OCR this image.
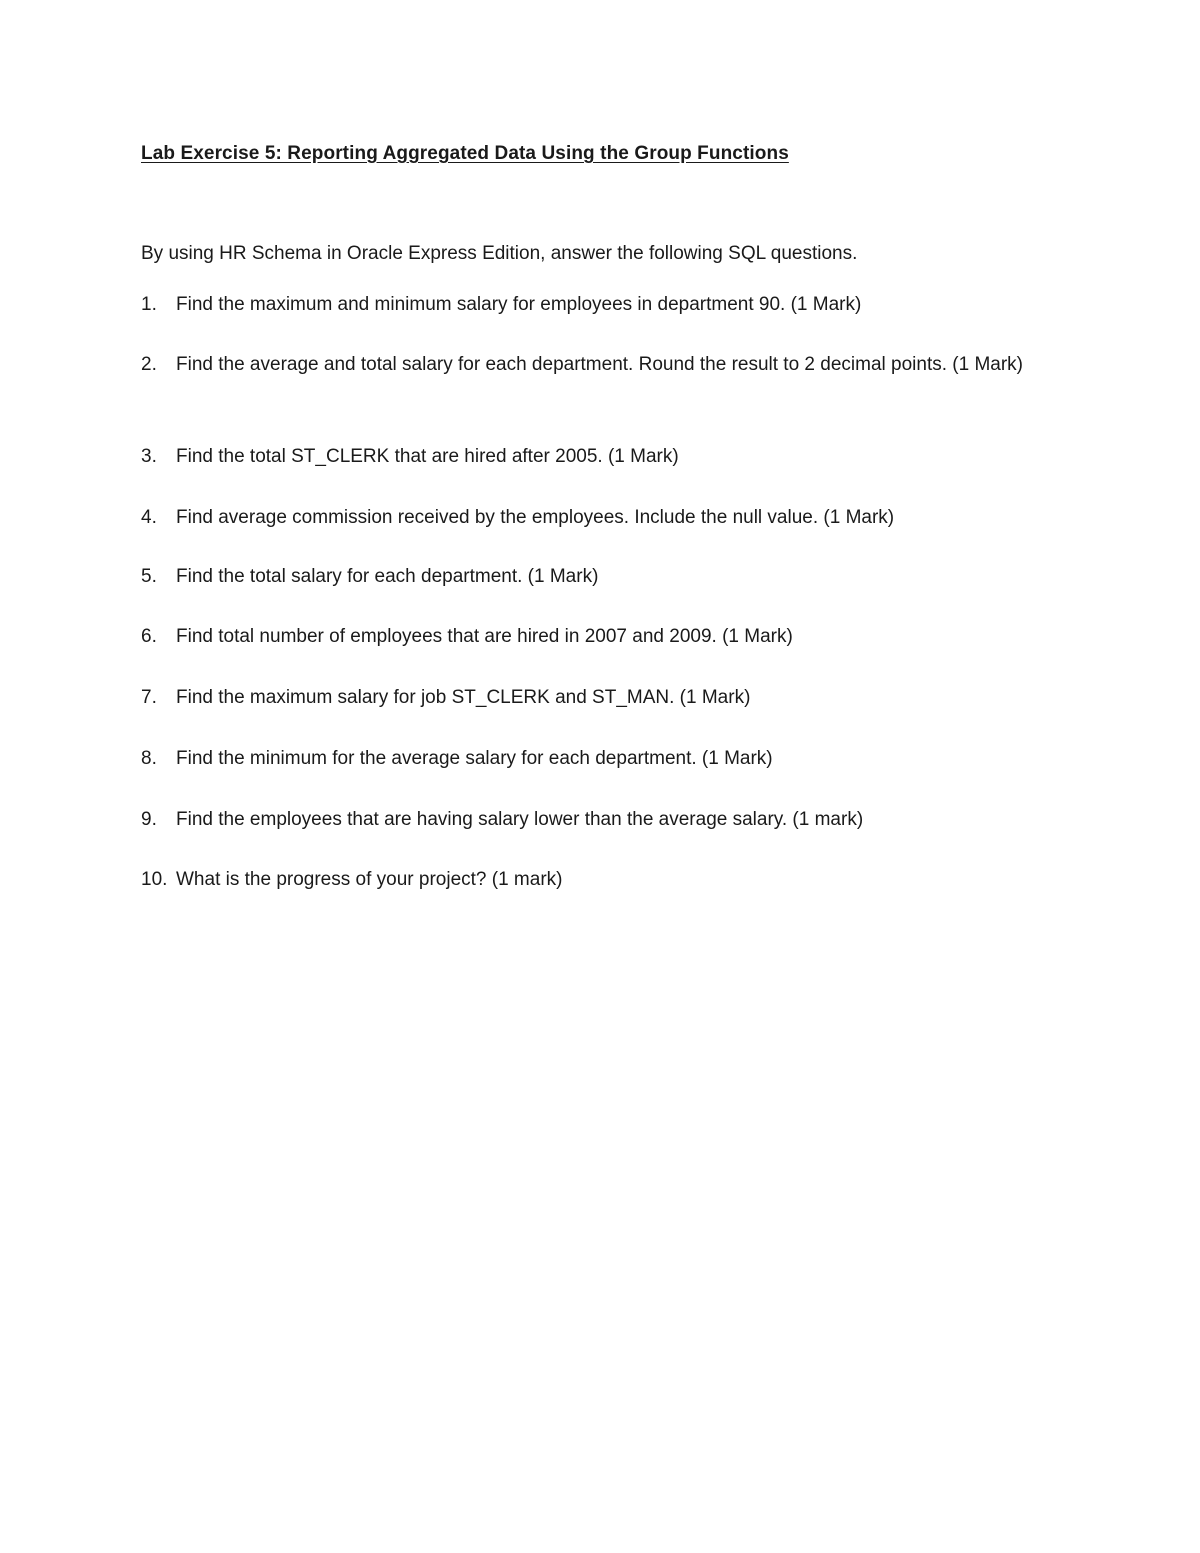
Lab Exercise 5: Reporting Aggregated Data Using the Group Functions
By using HR Schema in Oracle Express Edition, answer the following SQL questions.
1.	Find the maximum and minimum salary for employees in department 90. (1 Mark)
2.	Find the average and total salary for each department. Round the result to 2 decimal points. (1 Mark)
3.	Find the total ST_CLERK that are hired after 2005. (1 Mark)
4.	Find average commission received by the employees. Include the null value. (1 Mark)
5.	Find the total salary for each department. (1 Mark)
6.	Find total number of employees that are hired in 2007 and 2009. (1 Mark)
7.	Find the maximum salary for job ST_CLERK and ST_MAN. (1 Mark)
8.	Find the minimum for the average salary for each department. (1 Mark)
9.	Find the employees that are having salary lower than the average salary. (1 mark)
10. What is the progress of your project? (1 mark)
